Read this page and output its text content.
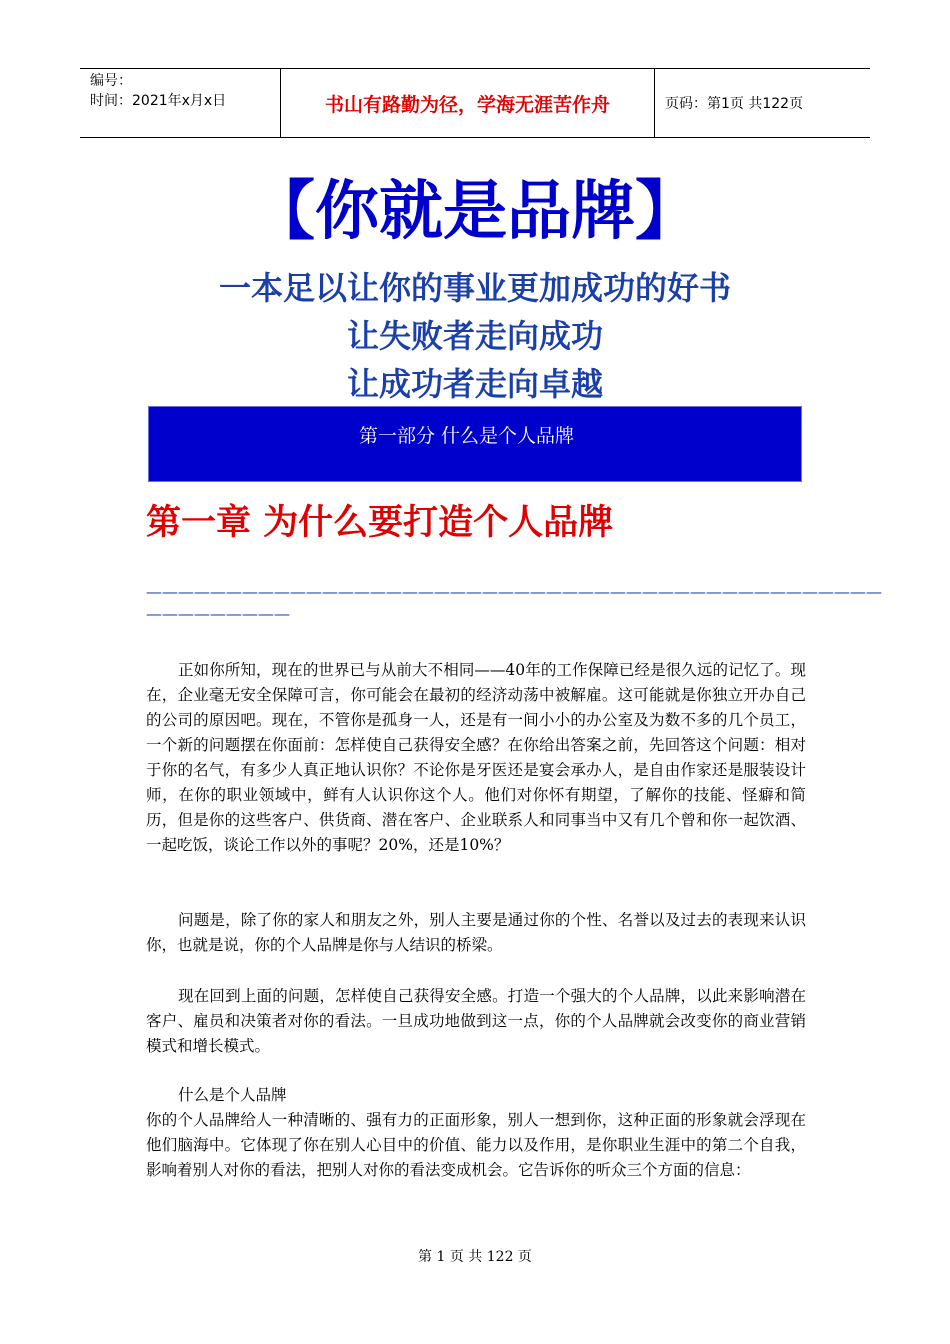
编号：
时间：2021年x月x日	书山有路勤为径，学海无涯苦作舟	页码：第1页 共122页
【你就是品牌】
一本足以让你的事业更加成功的好书
让失败者走向成功
让成功者走向卓越
第一部分 什么是个人品牌
第一章 为什么要打造个人品牌
——————————————————————————————————————————————
—————————

正如你所知，现在的世界已与从前大不相同——40年的工作保障已经是很久远的记忆了。现在，企业毫无安全保障可言，你可能会在最初的经济动荡中被解雇。这可能就是你独立开办自己的公司的原因吧。现在，不管你是孤身一人，还是有一间小小的办公室及为数不多的几个员工，一个新的问题摆在你面前：怎样使自己获得安全感？在你给出答案之前，先回答这个问题：相对于你的名气，有多少人真正地认识你？不论你是牙医还是宴会承办人，是自由作家还是服装设计师，在你的职业领域中，鲜有人认识你这个人。他们对你怀有期望，了解你的技能、怪癖和简历，但是你的这些客户、供货商、潜在客户、企业联系人和同事当中又有几个曾和你一起饮酒、一起吃饭，谈论工作以外的事呢？20%，还是10%？

问题是，除了你的家人和朋友之外，别人主要是通过你的个性、名誉以及过去的表现来认识你，也就是说，你的个人品牌是你与人结识的桥梁。

现在回到上面的问题，怎样使自己获得安全感。打造一个强大的个人品牌，以此来影响潜在客户、雇员和决策者对你的看法。一旦成功地做到这一点，你的个人品牌就会改变你的商业营销模式和增长模式。

什么是个人品牌

你的个人品牌给人一种清晰的、强有力的正面形象，别人一想到你，这种正面的形象就会浮现在他们脑海中。它体现了你在别人心目中的价值、能力以及作用，是你职业生涯中的第二个自我，影响着别人对你的看法，把别人对你的看法变成机会。它告诉你的听众三个方面的信息：

第 1 页 共 122 页
